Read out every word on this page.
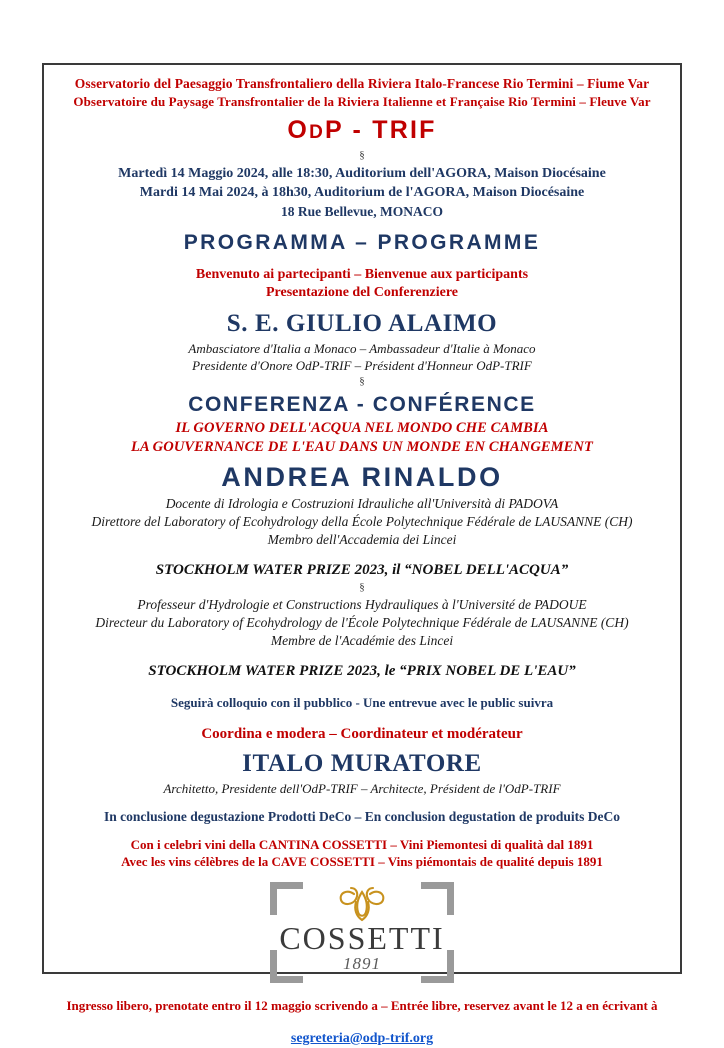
Osservatorio del Paesaggio Transfrontaliero della Riviera Italo-Francese Rio Termini – Fiume Var
Observatoire du Paysage Transfrontalier de la Riviera Italienne et Française Rio Termini – Fleuve Var
ODP - TRIF
§
Martedì 14 Maggio 2024, alle 18:30, Auditorium dell'AGORA, Maison Diocésaine
Mardi 14 Mai 2024, à 18h30, Auditorium de l'AGORA, Maison Diocésaine
18 Rue Bellevue, MONACO
PROGRAMMA – PROGRAMME
Benvenuto ai partecipanti – Bienvenue aux participants
Presentazione del Conferenziere
S. E. GIULIO ALAIMO
Ambasciatore d'Italia a Monaco – Ambassadeur d'Italie à Monaco
Presidente d'Onore OdP-TRIF – Président d'Honneur OdP-TRIF
§
CONFERENZA - CONFÉRENCE
IL GOVERNO DELL'ACQUA NEL MONDO CHE CAMBIA
LA GOUVERNANCE DE L'EAU DANS UN MONDE EN CHANGEMENT
ANDREA RINALDO
Docente di Idrologia e Costruzioni Idrauliche all'Università di PADOVA
Direttore del Laboratory of Ecohydrology della École Polytechnique Fédérale de LAUSANNE (CH)
Membro dell'Accademia dei Lincei
STOCKHOLM WATER PRIZE 2023, il “NOBEL DELL'ACQUA”
§
Professeur d'Hydrologie et Constructions Hydrauliques à l'Université de PADOUE
Directeur du Laboratory of Ecohydrology de l'École Polytechnique Fédérale de LAUSANNE (CH)
Membre de l'Académie des Lincei
STOCKHOLM WATER PRIZE 2023, le “PRIX NOBEL DE L'EAU”
Seguirà colloquio con il pubblico - Une entrevue avec le public suivra
Coordina e modera – Coordinateur et modérateur
ITALO MURATORE
Architetto, Presidente dell'OdP-TRIF – Architecte, Président de l'OdP-TRIF
In conclusione degustazione Prodotti DeCo – En conclusion degustation de produits DeCo
Con i celebri vini della CANTINA COSSETTI – Vini Piemontesi di qualità dal 1891
Avec les vins célèbres de la CAVE COSSETTI – Vins piémontais de qualité depuis 1891
COSSETTI
1891
Ingresso libero, prenotate entro il 12 maggio scrivendo a – Entrée libre, reservez avant le 12 a en écrivant à
segreteria@odp-trif.org
